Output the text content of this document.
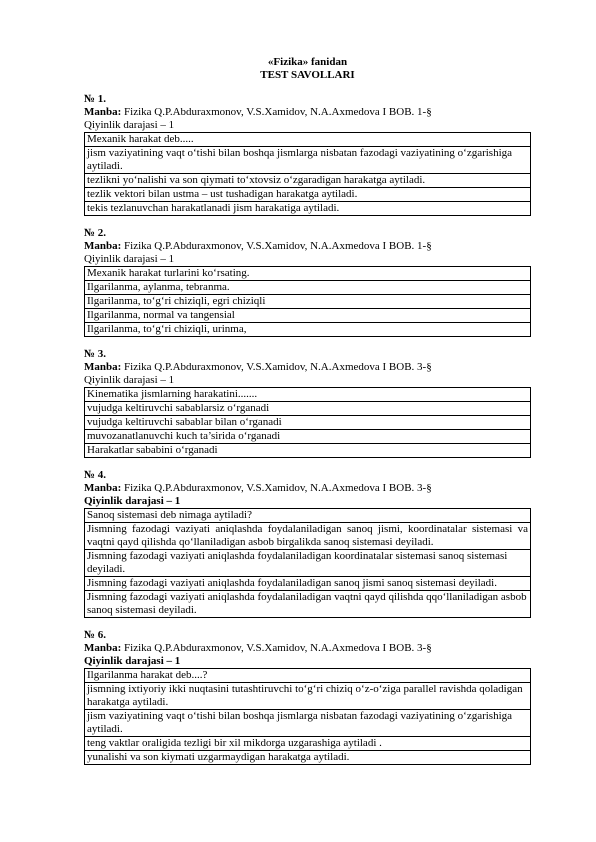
«Fizika» fanidan
TEST SAVOLLARI
№ 1.
Manba: Fizika Q.P.Abduraxmonov, V.S.Xamidov, N.A.Axmedova I BOB. 1-§
Qiyinlik darajasi – 1
Mexanik harakat deb.....
jism vaziyatining vaqt o‘tishi bilan boshqa jismlarga nisbatan fazodagi vaziyatining o‘zgarishiga aytiladi.
tezlikni yo‘nalishi va son qiymati to‘xtovsiz o‘zgaradigan harakatga aytiladi.
tezlik vektori bilan ustma – ust tushadigan harakatga aytiladi.
tekis tezlanuvchan harakatlanadi jism harakatiga aytiladi.
№ 2.
Manba: Fizika Q.P.Abduraxmonov, V.S.Xamidov, N.A.Axmedova I BOB. 1-§
Qiyinlik darajasi – 1
Mexanik harakat turlarini ko‘rsating.
Ilgarilanma, aylanma, tebranma.
Ilgarilanma, to‘g‘ri chiziqli, egri chiziqli
Ilgarilanma, normal va tangensial
Ilgarilanma, to‘g‘ri chiziqli, urinma,
№ 3.
Manba: Fizika Q.P.Abduraxmonov, V.S.Xamidov, N.A.Axmedova I BOB. 3-§
Qiyinlik darajasi – 1
Kinematika jismlarning harakatini.......
vujudga keltiruvchi sabablarsiz o‘rganadi
vujudga keltiruvchi sabablar bilan o‘rganadi
muvozanatlanuvchi kuch ta’sirida o‘rganadi
Harakatlar sababini o‘rganadi
№ 4.
Manba: Fizika Q.P.Abduraxmonov, V.S.Xamidov, N.A.Axmedova I BOB. 3-§
Qiyinlik darajasi – 1
Sanoq sistemasi deb nimaga aytiladi?
Jismning fazodagi vaziyati aniqlashda foydalaniladigan sanoq jismi, koordinatalar sistemasi va vaqtni qayd qilishda qo‘llaniladigan asbob birgalikda sanoq sistemasi deyiladi.
Jismning fazodagi vaziyati aniqlashda foydalaniladigan koordinatalar sistemasi sanoq sistemasi deyiladi.
Jismning fazodagi vaziyati aniqlashda foydalaniladigan sanoq jismi sanoq sistemasi deyiladi.
Jismning fazodagi vaziyati aniqlashda foydalaniladigan vaqtni qayd qilishda qqo‘llaniladigan asbob sanoq sistemasi deyiladi.
№ 6.
Manba: Fizika Q.P.Abduraxmonov, V.S.Xamidov, N.A.Axmedova I BOB. 3-§
Qiyinlik darajasi – 1
Ilgarilanma harakat deb....?
jismning ixtiyoriy ikki nuqtasini tutashtiruvchi to‘g‘ri chiziq o‘z-o‘ziga parallel ravishda qoladigan harakatga aytiladi.
jism vaziyatining vaqt o‘tishi bilan boshqa jismlarga nisbatan fazodagi vaziyatining o‘zgarishiga aytiladi.
teng vaktlar oraligida tezligi bir xil mikdorga uzgarashiga aytiladi .
yunalishi va son kiymati uzgarmaydigan harakatga aytiladi.
